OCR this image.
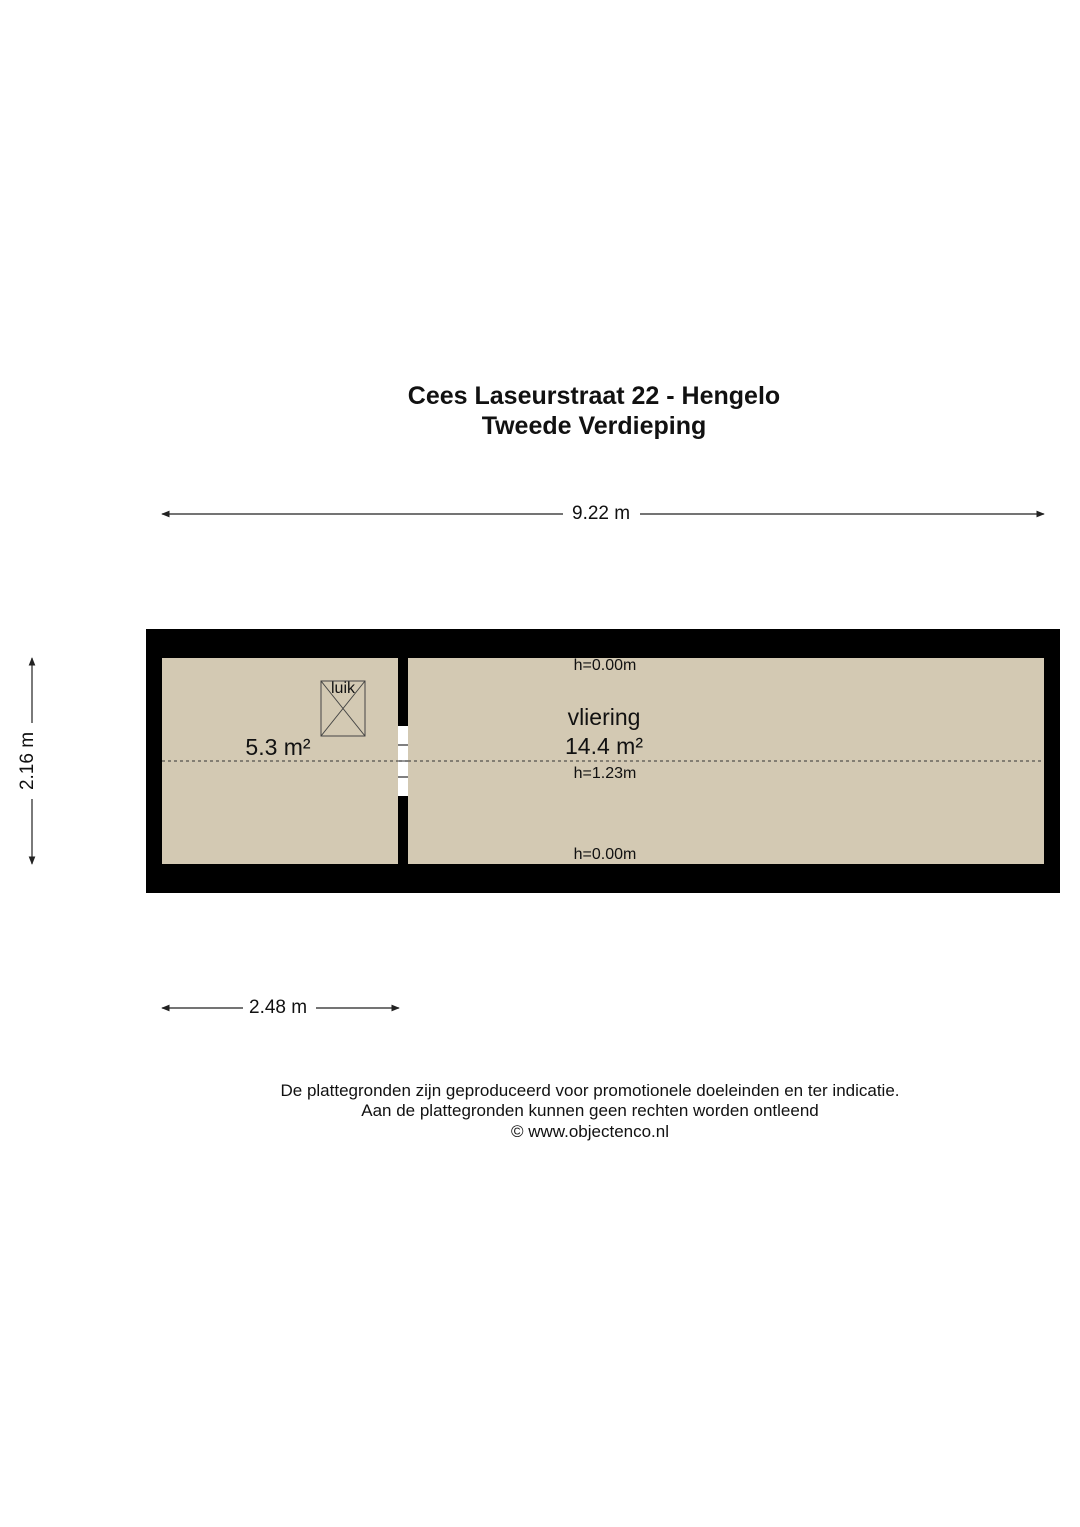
Cees Laseurstraat 22 - Hengelo
Tweede Verdieping
9.22 m
2.48 m
2.16 m
luik
5.3 m²
h=0.00m
vliering
14.4 m²
h=1.23m
h=0.00m
De plattegronden zijn geproduceerd voor promotionele doeleinden en ter indicatie.
Aan de plattegronden kunnen geen rechten worden ontleend
© www.objectenco.nl
